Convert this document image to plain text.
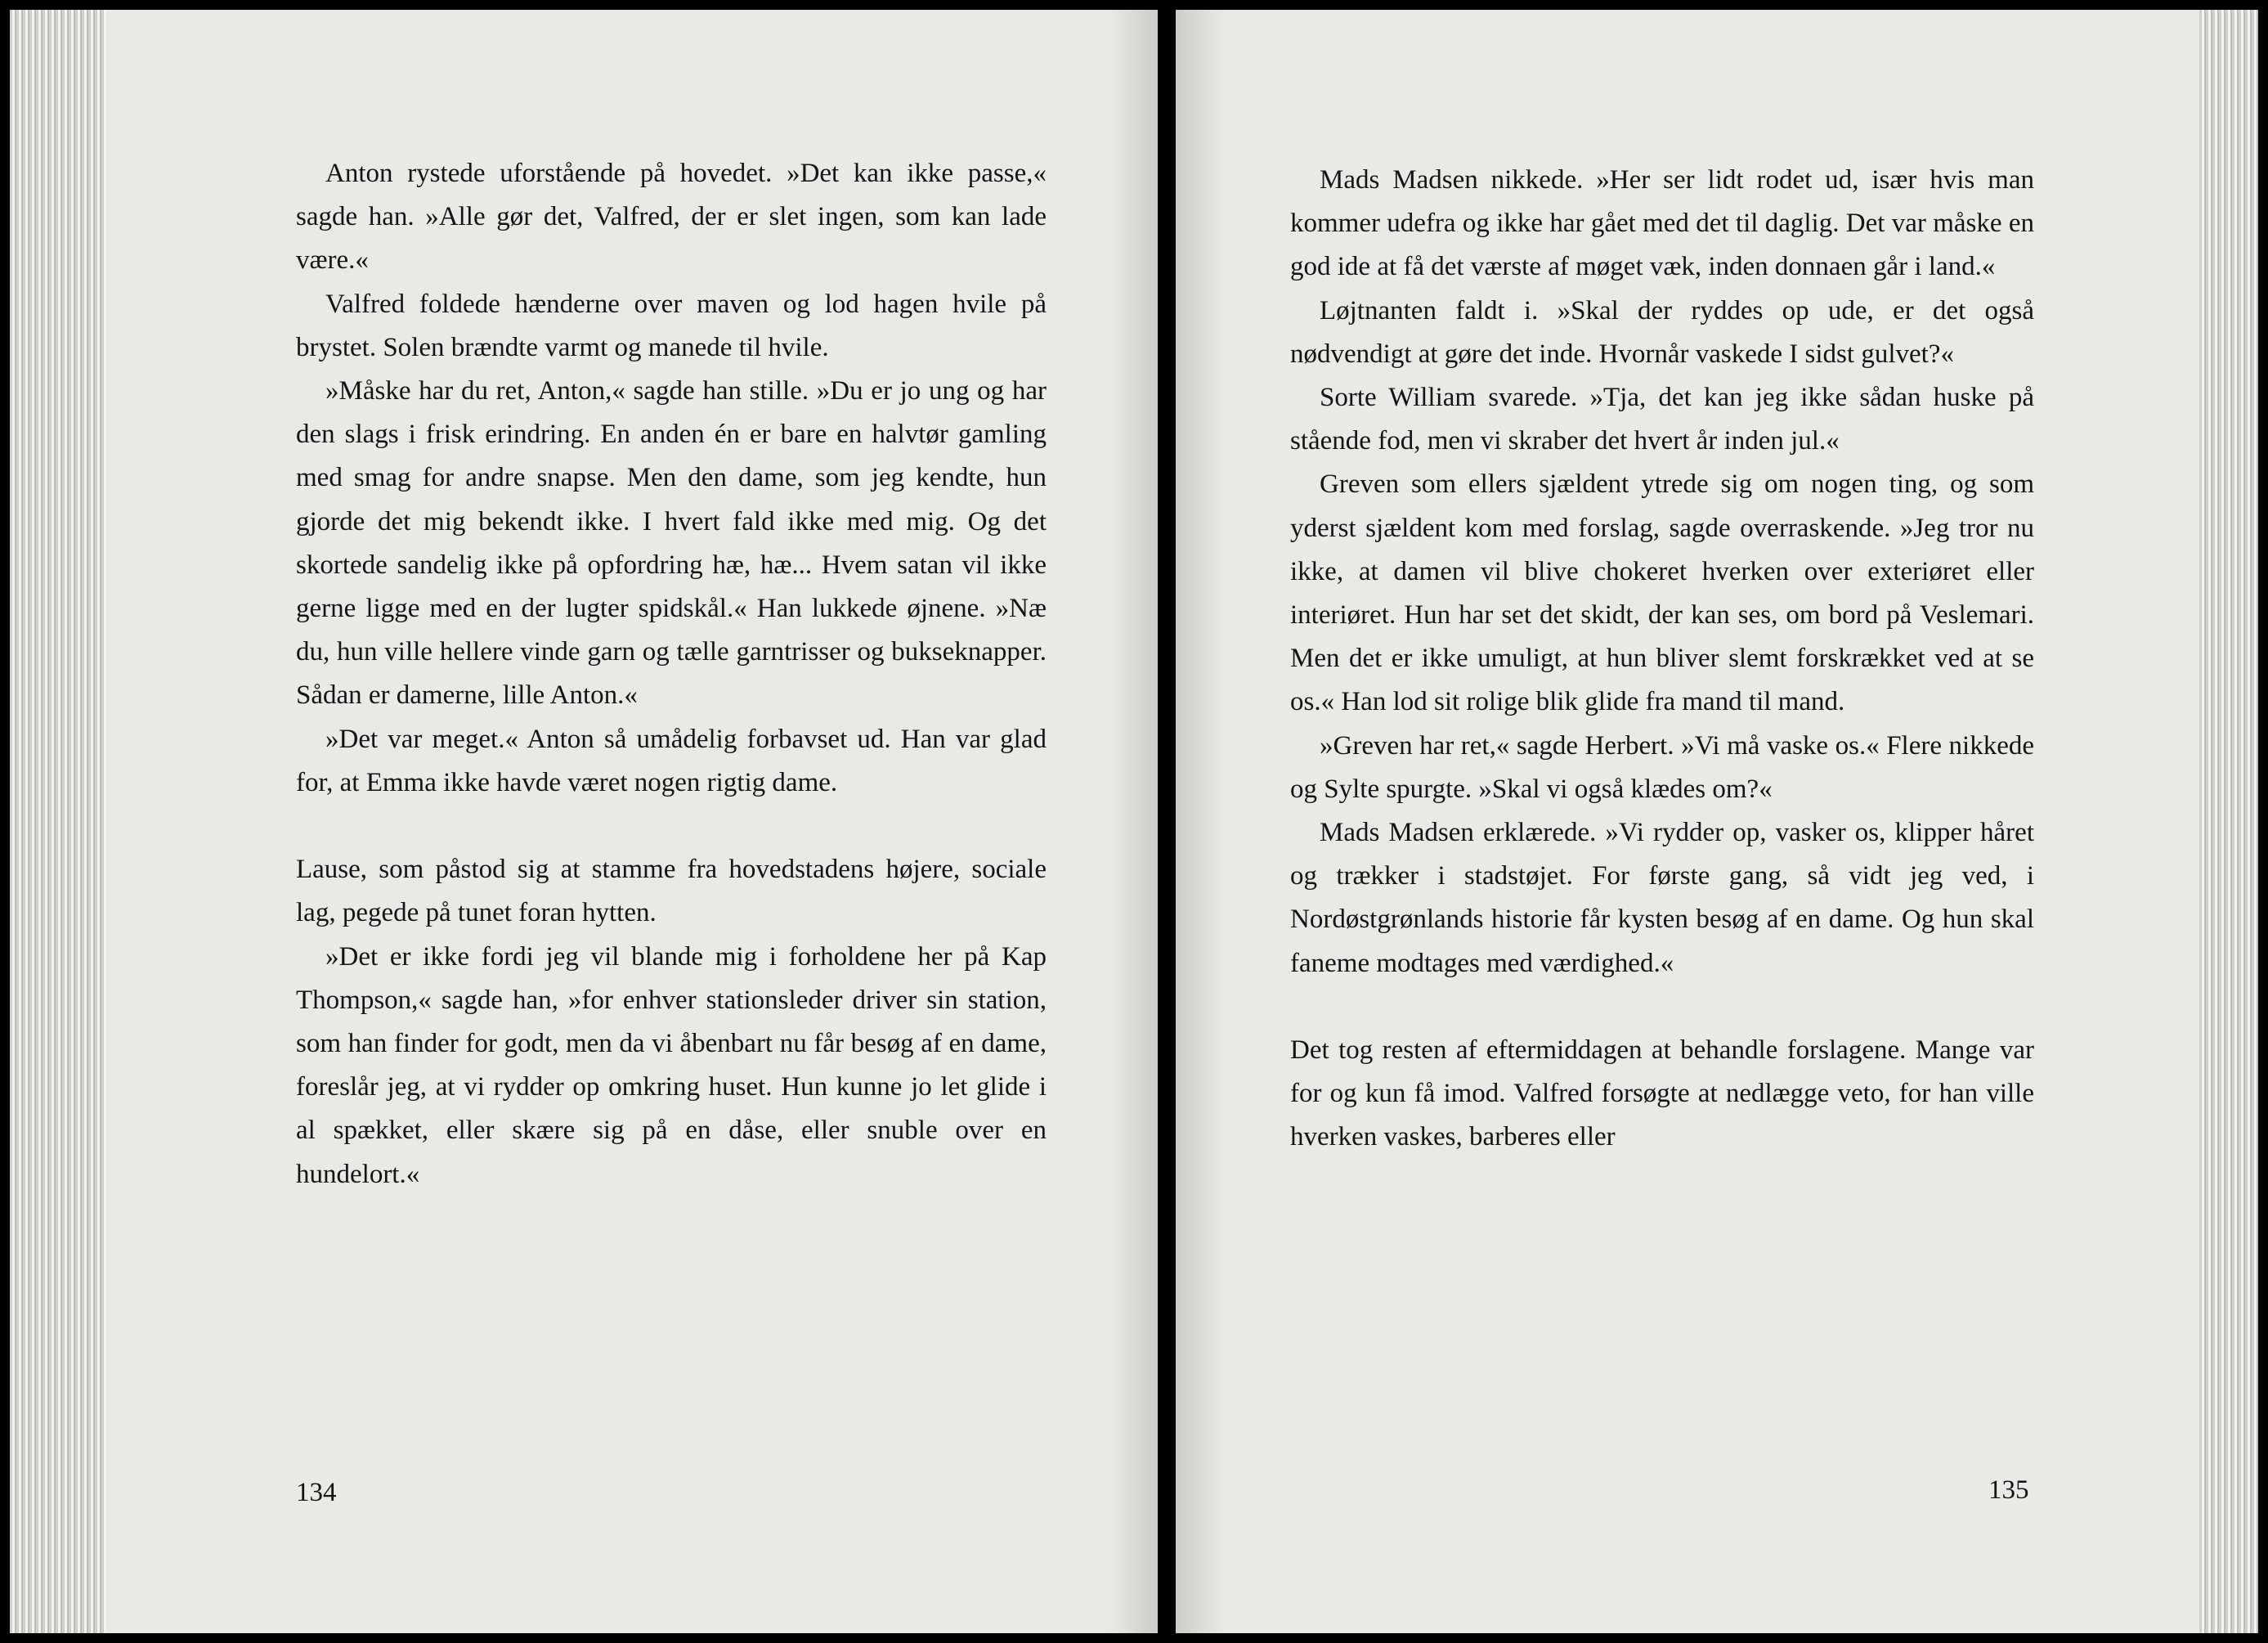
Anton rystede uforstående på hovedet. »Det kan ikke passe,« sagde han. »Alle gør det, Valfred, der er slet ingen, som kan lade være.«

Valfred foldede hænderne over maven og lod hagen hvile på brystet. Solen brændte varmt og manede til hvile.

»Måske har du ret, Anton,« sagde han stille. »Du er jo ung og har den slags i frisk erindring. En anden én er bare en halvtør gamling med smag for andre snapse. Men den dame, som jeg kendte, hun gjorde det mig bekendt ikke. I hvert fald ikke med mig. Og det skortede sandelig ikke på opfordring hæ, hæ... Hvem satan vil ikke gerne ligge med en der lugter spidskål.« Han lukkede øjnene. »Næ du, hun ville hellere vinde garn og tælle garntrisser og bukseknapper. Sådan er damerne, lille Anton.«

»Det var meget.« Anton så umådelig forbavset ud. Han var glad for, at Emma ikke havde været nogen rigtig dame.

Lause, som påstod sig at stamme fra hovedstadens højere, sociale lag, pegede på tunet foran hytten.

»Det er ikke fordi jeg vil blande mig i forholdene her på Kap Thompson,« sagde han, »for enhver stationsleder driver sin station, som han finder for godt, men da vi åbenbart nu får besøg af en dame, foreslår jeg, at vi rydder op omkring huset. Hun kunne jo let glide i al spækket, eller skære sig på en dåse, eller snuble over en hundelort.«

134

Mads Madsen nikkede. »Her ser lidt rodet ud, især hvis man kommer udefra og ikke har gået med det til daglig. Det var måske en god ide at få det værste af møget væk, inden donnaen går i land.«

Løjtnanten faldt i. »Skal der ryddes op ude, er det også nødvendigt at gøre det inde. Hvornår vaskede I sidst gulvet?«

Sorte William svarede. »Tja, det kan jeg ikke sådan huske på stående fod, men vi skraber det hvert år inden jul.«

Greven som ellers sjældent ytrede sig om nogen ting, og som yderst sjældent kom med forslag, sagde overraskende. »Jeg tror nu ikke, at damen vil blive chokeret hverken over exteriøret eller interiøret. Hun har set det skidt, der kan ses, om bord på Veslemari. Men det er ikke umuligt, at hun bliver slemt forskrækket ved at se os.« Han lod sit rolige blik glide fra mand til mand.

»Greven har ret,« sagde Herbert. »Vi må vaske os.« Flere nikkede og Sylte spurgte. »Skal vi også klædes om?«

Mads Madsen erklærede. »Vi rydder op, vasker os, klipper håret og trækker i stadstøjet. For første gang, så vidt jeg ved, i Nordøstgrønlands historie får kysten besøg af en dame. Og hun skal faneme modtages med værdighed.«

Det tog resten af eftermiddagen at behandle forslagene. Mange var for og kun få imod. Valfred forsøgte at nedlægge veto, for han ville hverken vaskes, barberes eller

135
